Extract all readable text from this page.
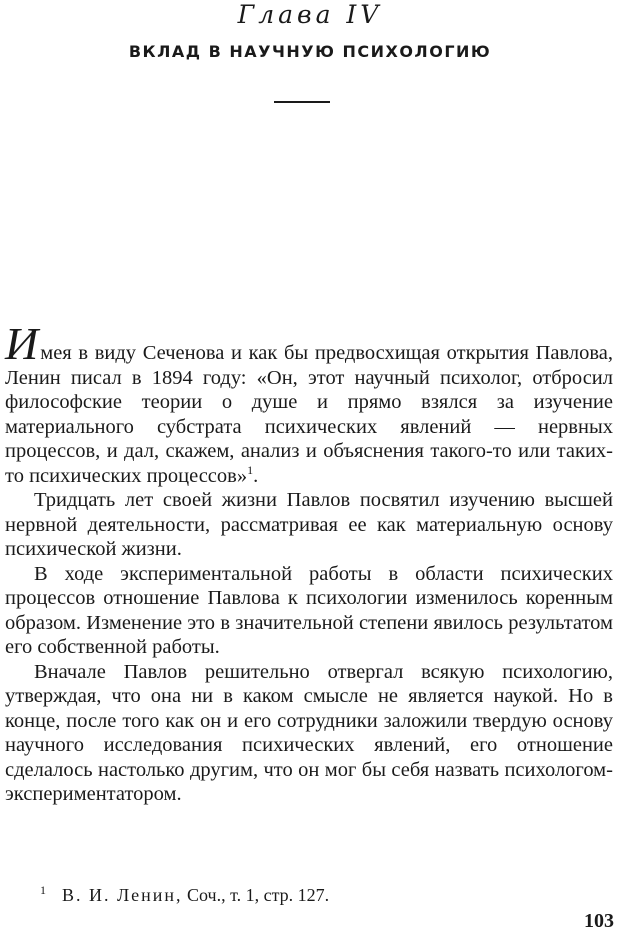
Глава IV
ВКЛАД В НАУЧНУЮ ПСИХОЛОГИЮ

Имея в виду Сеченова и как бы предвосхищая открытия Павлова, Ленин писал в 1894 году: «Он, этот научный психолог, отбросил философские теории о душе и прямо взялся за изучение материального субстрата психических явлений — нервных процессов, и дал, скажем, анализ и объяснения такого-то или таких-то психических процессов»$^1$.

Тридцать лет своей жизни Павлов посвятил изучению высшей нервной деятельности, рассматривая ее как материальную основу психической жизни.

В ходе экспериментальной работы в области психических процессов отношение Павлова к психологии изменилось коренным образом. Изменение это в значительной степени явилось результатом его собственной работы.

Вначале Павлов решительно отвергал всякую психологию, утверждая, что она ни в каком смысле не является наукой. Но в конце, после того как он и его сотрудники заложили твердую основу научного исследования психических явлений, его отношение сделалось настолько другим, что он мог бы себя назвать психологом-экспериментатором.

$^1$ В. И. Ленин, Соч., т. 1, стр. 127.
103
